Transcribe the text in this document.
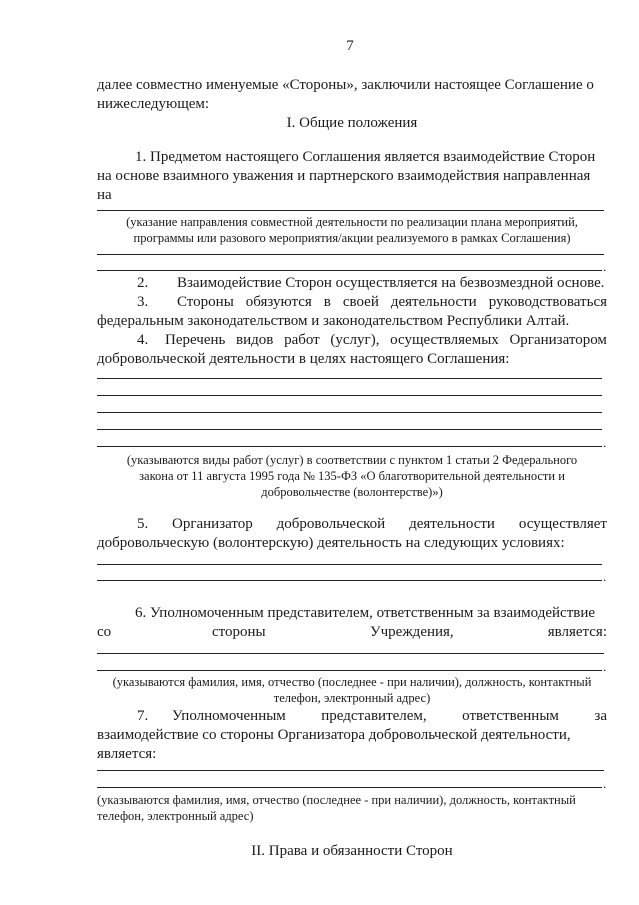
7
далее совместно именуемые «Стороны», заключили настоящее Соглашение о
нижеследующем:
I. Общие положения
1. Предметом настоящего Соглашения является взаимодействие Сторон
на основе взаимного уважения и партнерского взаимодействия направленная
на
(указание направления совместной деятельности по реализации плана мероприятий,
программы или разового мероприятия/акции реализуемого в рамках Соглашения)
.
2. Взаимодействие Сторон осуществляется на безвозмездной основе.
3. Стороны обязуются в своей деятельности руководствоваться
федеральным законодательством и законодательством Республики Алтай.
4. Перечень видов работ (услуг), осуществляемых Организатором
добровольческой деятельности в целях настоящего Соглашения:
.
(указываются виды работ (услуг) в соответствии с пунктом 1 статьи 2 Федерального
закона от 11 августа 1995 года № 135-ФЗ «О благотворительной деятельности и
добровольчестве (волонтерстве)»)
5. Организатор добровольческой деятельности осуществляет
добровольческую (волонтерскую) деятельность на следующих условиях:
.
6. Уполномоченным представителем, ответственным за взаимодействие
со	стороны	Учреждения,	является:
.
(указываются фамилия, имя, отчество (последнее - при наличии), должность, контактный
телефон, электронный адрес)
7. Уполномоченным представителем, ответственным за
взаимодействие со стороны Организатора добровольческой деятельности,
является:
.
(указываются фамилия, имя, отчество (последнее - при наличии), должность, контактный
телефон, электронный адрес)
II. Права и обязанности Сторон
